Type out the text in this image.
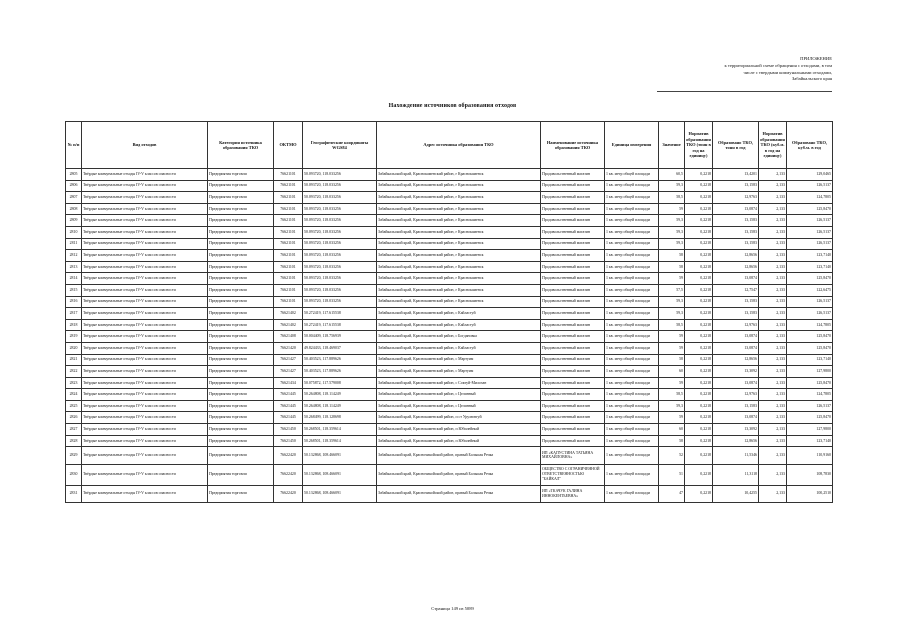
ПРИЛОЖЕНИЕ
к территориальной схеме обращения с отходами, в том
числе с твердыми коммунальными отходами,
Забайкальского края
Нахождение источников образования отходов
№ п/п	Вид отходов	Категория источника образования ТКО	ОКТМО	Географические координаты WGS84	Адрес источника образования ТКО	Наименование источника образования ТКО	Единица измерения	Значение	Норматив образования ТКО (тонн в год на единицу)	Образовано ТКО, тонн в год	Норматив образования ТКО (куб.м. в год на единицу)	Образовано ТКО, куб.м. в год
2805	Твёрдые коммунальные отходы IV-V классов опасности	Предприятия торговли	76621101	50.093720, 118.033256	Забайкальский край, Краснокаменский район, г Краснокаменск	Продовольственный магазин	1 кв. метр общей площади	60,5	0,2218	13,4201	2,133	129,0465
2806	Твёрдые коммунальные отходы IV-V классов опасности	Предприятия торговли	76621101	50.093720, 118.033256	Забайкальский край, Краснокаменский район, г Краснокаменск	Продовольственный магазин	1 кв. метр общей площади	59,3	0,2218	13,1583	2,133	126,5137
2807	Твёрдые коммунальные отходы IV-V классов опасности	Предприятия торговли	76621101	50.093720, 118.033256	Забайкальский край, Краснокаменский район, г Краснокаменск	Продовольственный магазин	1 кв. метр общей площади	58,5	0,2218	12,9763	2,133	124,7805
2808	Твёрдые коммунальные отходы IV-V классов опасности	Предприятия торговли	76621101	50.093720, 118.033256	Забайкальский край, Краснокаменский район, г Краснокаменск	Продовольственный магазин	1 кв. метр общей площади	59	0,2218	13,0874	2,133	125,8470
2809	Твёрдые коммунальные отходы IV-V классов опасности	Предприятия торговли	76621101	50.093720, 118.033256	Забайкальский край, Краснокаменский район, г Краснокаменск	Продовольственный магазин	1 кв. метр общей площади	59,3	0,2218	13,1583	2,133	126,5137
2810	Твёрдые коммунальные отходы IV-V классов опасности	Предприятия торговли	76621101	50.093720, 118.033256	Забайкальский край, Краснокаменский район, г Краснокаменск	Продовольственный магазин	1 кв. метр общей площади	59,3	0,2218	13,1583	2,133	126,5137
2811	Твёрдые коммунальные отходы IV-V классов опасности	Предприятия торговли	76621101	50.093720, 118.033256	Забайкальский край, Краснокаменский район, г Краснокаменск	Продовольственный магазин	1 кв. метр общей площади	59,3	0,2218	13,1583	2,133	126,5137
2812	Твёрдые коммунальные отходы IV-V классов опасности	Предприятия торговли	76621101	50.093720, 118.033256	Забайкальский край, Краснокаменский район, г Краснокаменск	Продовольственный магазин	1 кв. метр общей площади	58	0,2218	12,8656	2,133	123,7140
2813	Твёрдые коммунальные отходы IV-V классов опасности	Предприятия торговли	76621101	50.093720, 118.033256	Забайкальский край, Краснокаменский район, г Краснокаменск	Продовольственный магазин	1 кв. метр общей площади	58	0,2218	12,8656	2,133	123,7140
2814	Твёрдые коммунальные отходы IV-V классов опасности	Предприятия торговли	76621101	50.093720, 118.033256	Забайкальский край, Краснокаменский район, г Краснокаменск	Продовольственный магазин	1 кв. метр общей площади	59	0,2218	13,0874	2,133	125,8470
2815	Твёрдые коммунальные отходы IV-V классов опасности	Предприятия торговли	76621101	50.093720, 118.033256	Забайкальский край, Краснокаменский район, г Краснокаменск	Продовольственный магазин	1 кв. метр общей площади	57,5	0,2218	12,7547	2,133	122,6475
2816	Твёрдые коммунальные отходы IV-V классов опасности	Предприятия торговли	76621101	50.093720, 118.033256	Забайкальский край, Краснокаменский район, г Краснокаменск	Продовольственный магазин	1 кв. метр общей площади	59,3	0,2218	13,1583	2,133	126,5137
2817	Твёрдые коммунальные отходы IV-V классов опасности	Предприятия торговли	76621402	50.272419, 117.615538	Забайкальский край, Краснокаменский район, с Кайластуй	Продовольственный магазин	1 кв. метр общей площади	59,3	0,2218	13,1583	2,133	126,5137
2818	Твёрдые коммунальные отходы IV-V классов опасности	Предприятия торговли	76621402	50.272419, 117.615538	Забайкальский край, Краснокаменский район, с Кайластуй	Продовольственный магазин	1 кв. метр общей площади	58,5	0,2218	12,9763	2,133	124,7805
2819	Твёрдые коммунальные отходы IV-V классов опасности	Предприятия торговли	76621408	50.004409, 118.756939	Забайкальский край, Краснокаменский район, с Богдановка	Продовольственный магазин	1 кв. метр общей площади	59	0,2218	13,0874	2,133	125,8470
2820	Твёрдые коммунальные отходы IV-V классов опасности	Предприятия торговли	76621420	49.824433, 118.469037	Забайкальский край, Краснокаменский район, с Кайластуй	Продовольственный магазин	1 кв. метр общей площади	59	0,2218	13,0874	2,133	125,8470
2821	Твёрдые коммунальные отходы IV-V классов опасности	Предприятия торговли	76621427	50.403523, 117.889626	Забайкальский край, Краснокаменский район, с Мартуим	Продовольственный магазин	1 кв. метр общей площади	58	0,2218	12,8656	2,133	123,7140
2822	Твёрдые коммунальные отходы IV-V классов опасности	Предприятия торговли	76621427	50.403523, 117.889626	Забайкальский край, Краснокаменский район, с Мартуим	Продовольственный магазин	1 кв. метр общей площади	60	0,2218	13,3092	2,133	127,9800
2823	Твёрдые коммунальные отходы IV-V классов опасности	Предприятия торговли	76621434	50.075872, 117.579008	Забайкальский край, Краснокаменский район, с Соктуй-Милозан	Продовольственный магазин	1 кв. метр общей площади	59	0,2218	13,0874	2,133	125,8470
2824	Твёрдые коммунальные отходы IV-V классов опасности	Предприятия торговли	76621445	50.264808, 118.114249	Забайкальский край, Краснокаменский район, с Целинный	Продовольственный магазин	1 кв. метр общей площади	58,5	0,2218	12,9763	2,133	124,7805
2825	Твёрдые коммунальные отходы IV-V классов опасности	Предприятия торговли	76621445	50.264808, 118.114249	Забайкальский край, Краснокаменский район, с Целинный	Продовольственный магазин	1 кв. метр общей площади	59,3	0,2218	13,1583	2,133	126,5137
2826	Твёрдые коммунальные отходы IV-V классов опасности	Предприятия торговли	76621445	50.268499, 118.128698	Забайкальский край, Краснокаменский район, п ст Урулюнгуй	Продовольственный магазин	1 кв. метр общей площади	59	0,2218	13,0874	2,133	125,8470
2827	Твёрдые коммунальные отходы IV-V классов опасности	Предприятия торговли	76621450	50.268501, 118.359614	Забайкальский край, Краснокаменский район, п Юбилейный	Продовольственный магазин	1 кв. метр общей площади	60	0,2218	13,3092	2,133	127,9800
2828	Твёрдые коммунальные отходы IV-V классов опасности	Предприятия торговли	76621450	50.268501, 118.359614	Забайкальский край, Краснокаменский район, п Юбилейный	Продовольственный магазин	1 кв. метр общей площади	58	0,2218	12,8656	2,133	123,7140
2829	Твёрдые коммунальные отходы IV-V классов опасности	Предприятия торговли	76622420	50.132868, 108.466091	Забайкальский край, Красночикойский район, правый Большая Речка	ИП «КАПУСТИНА ТАТЬЯНА МИХАЙЛОВНА»	1 кв. метр общей площади	52	0,2218	11,5346	2,133	110,9160
2830	Твёрдые коммунальные отходы IV-V классов опасности	Предприятия торговли	76622420	50.132868, 108.466091	Забайкальский край, Красночикойский район, правый Большая Речка	ОБЩЕСТВО С ОГРАНИЧЕННОЙ ОТВЕТСТВЕННОСТЬЮ "БАЙКАЛ"	1 кв. метр общей площади	51	0,2218	11,3118	2,133	108,7830
2831	Твёрдые коммунальные отходы IV-V классов опасности	Предприятия торговли	76622420	50.132868, 108.466091	Забайкальский край, Красночикойский район, правый Большая Речка	ИП «ТКАЧУК ГАЛИНА ИННОКЕНТЬЕВНА»	1 кв. метр общей площади	47	0,2218	10,4255	2,133	100,2510
Страница 149 из 5089
